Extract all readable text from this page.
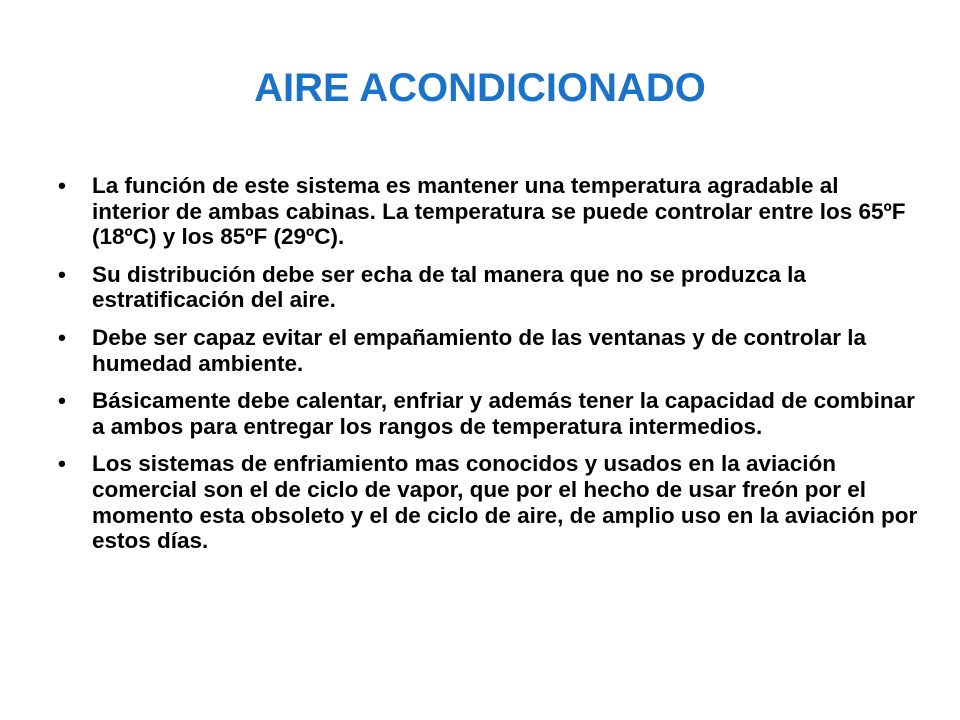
AIRE ACONDICIONADO
• La función de este sistema es mantener una temperatura agradable al interior de ambas cabinas. La temperatura se puede controlar entre los 65ºF (18ºC) y los 85ºF (29ºC).
• Su distribución debe ser echa de tal manera que no se produzca la estratificación del aire.
• Debe ser capaz evitar el empañamiento de las ventanas y de controlar la humedad ambiente.
• Básicamente debe calentar, enfriar y además tener la capacidad de combinar a ambos para entregar los rangos de temperatura intermedios.
• Los sistemas de enfriamiento mas conocidos y usados en la aviación comercial son el de ciclo de vapor, que por el hecho de usar freón por el momento esta obsoleto y el de ciclo de aire, de amplio uso en la aviación por estos días.
